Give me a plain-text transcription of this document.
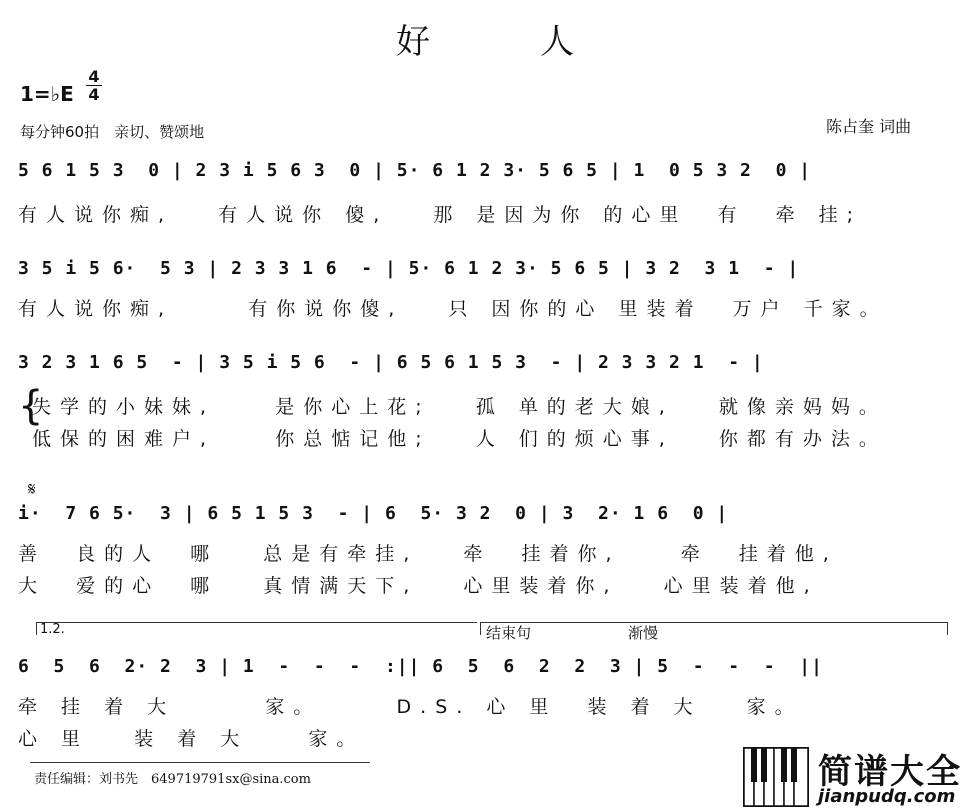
好人
1=♭E
4
4
每分钟60拍　亲切、赞颂地	陈占奎 词曲
5 6 1 5 3  0 | 2 3 i 5 6 3  0 | 5· 6 1 2 3· 5 6 5 | 1  0 5 3 2  0 |
有人说你痴,   有人说你 傻,   那 是因为你 的心里  有  牵 挂;
3 5 i 5 6·  5 3 | 2 3 3 1 6  - | 5· 6 1 2 3· 5 6 5 | 3 2  3 1  - |
有人说你痴,     有你说你傻,   只 因你的心 里装着  万户 千家。
3 2 3 1 6 5  - | 3 5 i 5 6  - | 6 5 6 1 5 3  - | 2 3 3 2 1  - |
{
失学的小妹妹,    是你心上花;   孤 单的老大娘,   就像亲妈妈。
低保的困难户,    你总惦记他;   人 们的烦心事,   你都有办法。
𝄋
i·  7 6 5·  3 | 6 5 1 5 3  - | 6  5· 3 2  0 | 3  2· 1 6  0 |
善  良的人  哪   总是有牵挂,   牵  挂着你,    牵  挂着他,
大  爱的心  哪   真情满天下,   心里装着你,   心里装着他,
1.2.	结束句	渐慢
6  5  6  2· 2  3 | 1  -  -  -  :|| 6  5  6  2  2  3 | 5  -  -  -  ||
牵 挂 着 大      家。     D.S. 心 里  装 着 大   家。
心 里   装 着 大    家。
责任编辑：刘书先　649719791sx@sina.com	简谱大全
jianpudq.com
